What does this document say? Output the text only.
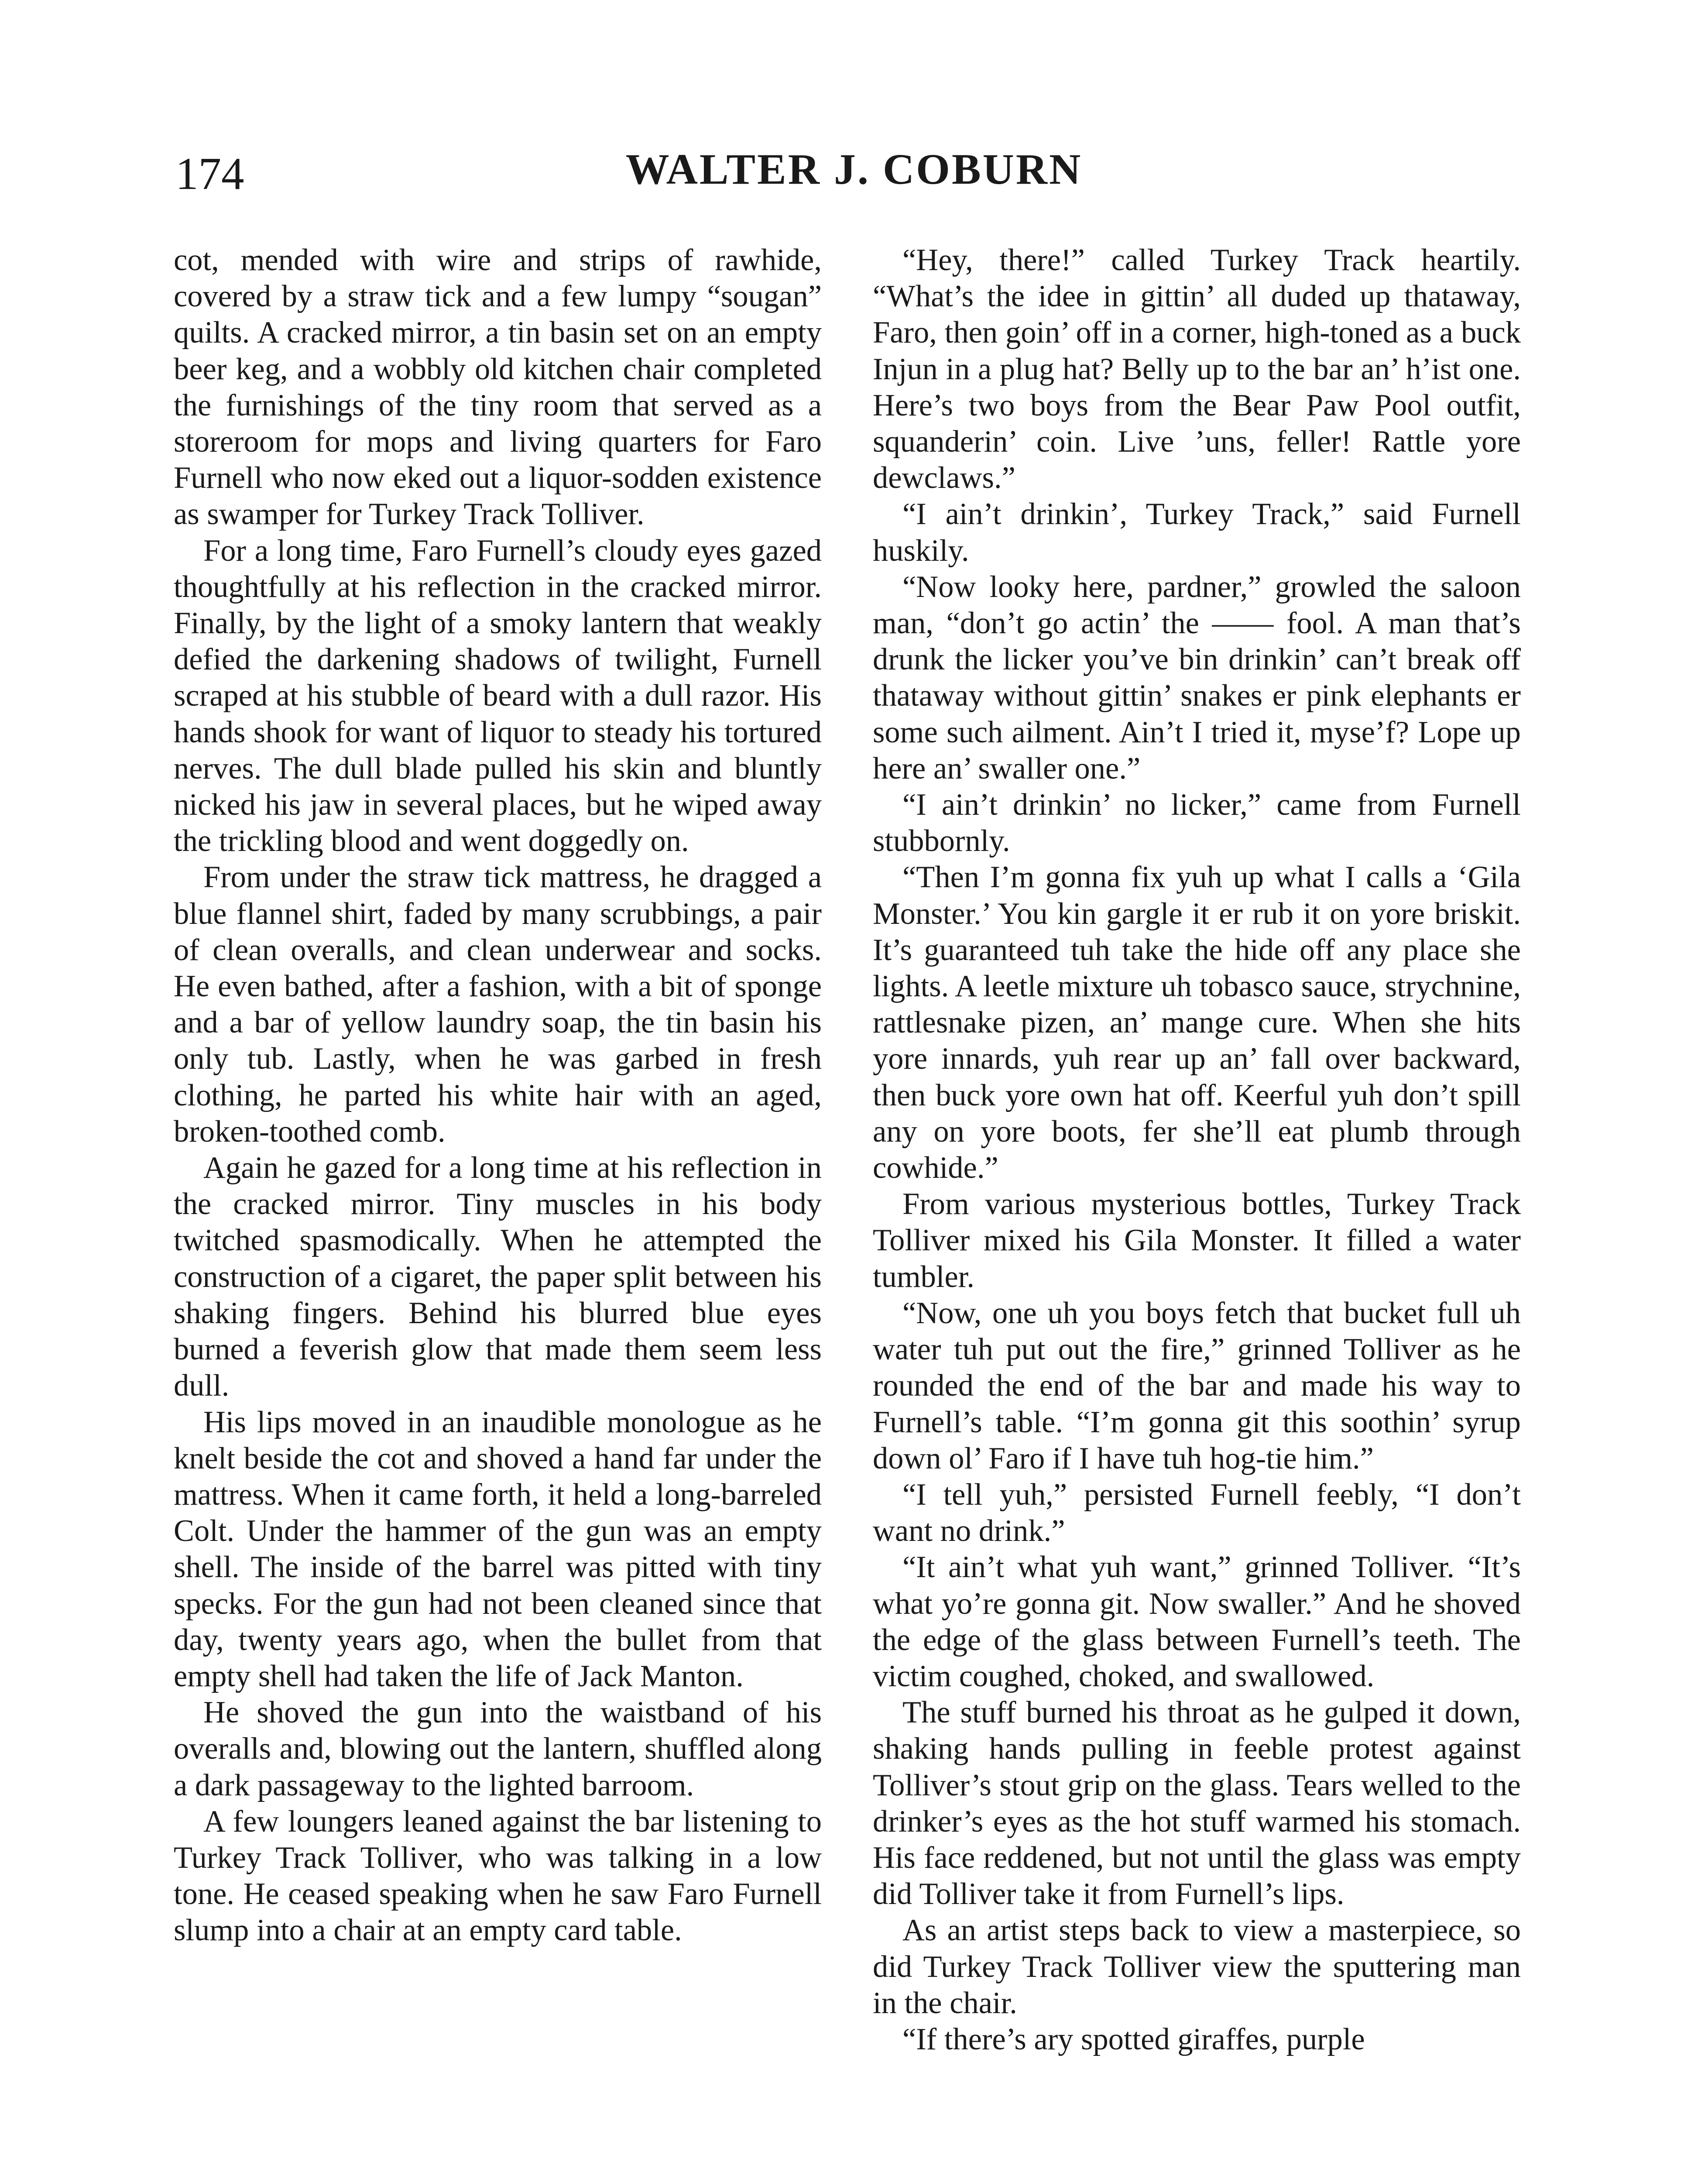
174	WALTER J. COBURN

cot, mended with wire and strips of rawhide, covered by a straw tick and a few lumpy “sougan” quilts. A cracked mirror, a tin basin set on an empty beer keg, and a wobbly old kitchen chair completed the furnishings of the tiny room that served as a storeroom for mops and living quarters for Faro Furnell who now eked out a liquor-sodden existence as swamper for Turkey Track Tolliver.

For a long time, Faro Furnell’s cloudy eyes gazed thoughtfully at his reflection in the cracked mirror. Finally, by the light of a smoky lantern that weakly defied the darkening shadows of twilight, Furnell scraped at his stubble of beard with a dull razor. His hands shook for want of liquor to steady his tortured nerves. The dull blade pulled his skin and bluntly nicked his jaw in several places, but he wiped away the trickling blood and went doggedly on.

From under the straw tick mattress, he dragged a blue flannel shirt, faded by many scrubbings, a pair of clean overalls, and clean underwear and socks. He even bathed, after a fashion, with a bit of sponge and a bar of yellow laundry soap, the tin basin his only tub. Lastly, when he was garbed in fresh clothing, he parted his white hair with an aged, broken-toothed comb.

Again he gazed for a long time at his reflection in the cracked mirror. Tiny muscles in his body twitched spasmodically. When he attempted the construction of a cigaret, the paper split between his shaking fingers. Behind his blurred blue eyes burned a feverish glow that made them seem less dull.

His lips moved in an inaudible monologue as he knelt beside the cot and shoved a hand far under the mattress. When it came forth, it held a long-barreled Colt. Under the hammer of the gun was an empty shell. The inside of the barrel was pitted with tiny specks. For the gun had not been cleaned since that day, twenty years ago, when the bullet from that empty shell had taken the life of Jack Manton.

He shoved the gun into the waistband of his overalls and, blowing out the lantern, shuffled along a dark passageway to the lighted barroom.

A few loungers leaned against the bar listening to Turkey Track Tolliver, who was talking in a low tone. He ceased speaking when he saw Faro Furnell slump into a chair at an empty card table.

“Hey, there!” called Turkey Track heartily. “What’s the idee in gittin’ all duded up thataway, Faro, then goin’ off in a corner, high-toned as a buck Injun in a plug hat? Belly up to the bar an’ h’ist one. Here’s two boys from the Bear Paw Pool outfit, squanderin’ coin. Live ’uns, feller! Rattle yore dewclaws.”

“I ain’t drinkin’, Turkey Track,” said Furnell huskily.

“Now looky here, pardner,” growled the saloon man, “don’t go actin’ the —— fool. A man that’s drunk the licker you’ve bin drinkin’ can’t break off thataway without gittin’ snakes er pink elephants er some such ailment. Ain’t I tried it, myse’f? Lope up here an’ swaller one.”

“I ain’t drinkin’ no licker,” came from Furnell stubbornly.

“Then I’m gonna fix yuh up what I calls a ‘Gila Monster.’ You kin gargle it er rub it on yore briskit. It’s guaranteed tuh take the hide off any place she lights. A leetle mixture uh tobasco sauce, strychnine, rattlesnake pizen, an’ mange cure. When she hits yore innards, yuh rear up an’ fall over backward, then buck yore own hat off. Keerful yuh don’t spill any on yore boots, fer she’ll eat plumb through cowhide.”

From various mysterious bottles, Turkey Track Tolliver mixed his Gila Monster. It filled a water tumbler.

“Now, one uh you boys fetch that bucket full uh water tuh put out the fire,” grinned Tolliver as he rounded the end of the bar and made his way to Furnell’s table. “I’m gonna git this soothin’ syrup down ol’ Faro if I have tuh hog-tie him.”

“I tell yuh,” persisted Furnell feebly, “I don’t want no drink.”

“It ain’t what yuh want,” grinned Tolliver. “It’s what yo’re gonna git. Now swaller.” And he shoved the edge of the glass between Furnell’s teeth. The victim coughed, choked, and swallowed.

The stuff burned his throat as he gulped it down, shaking hands pulling in feeble protest against Tolliver’s stout grip on the glass. Tears welled to the drinker’s eyes as the hot stuff warmed his stomach. His face reddened, but not until the glass was empty did Tolliver take it from Furnell’s lips.

As an artist steps back to view a masterpiece, so did Turkey Track Tolliver view the sputtering man in the chair.

“If there’s ary spotted giraffes, purple
